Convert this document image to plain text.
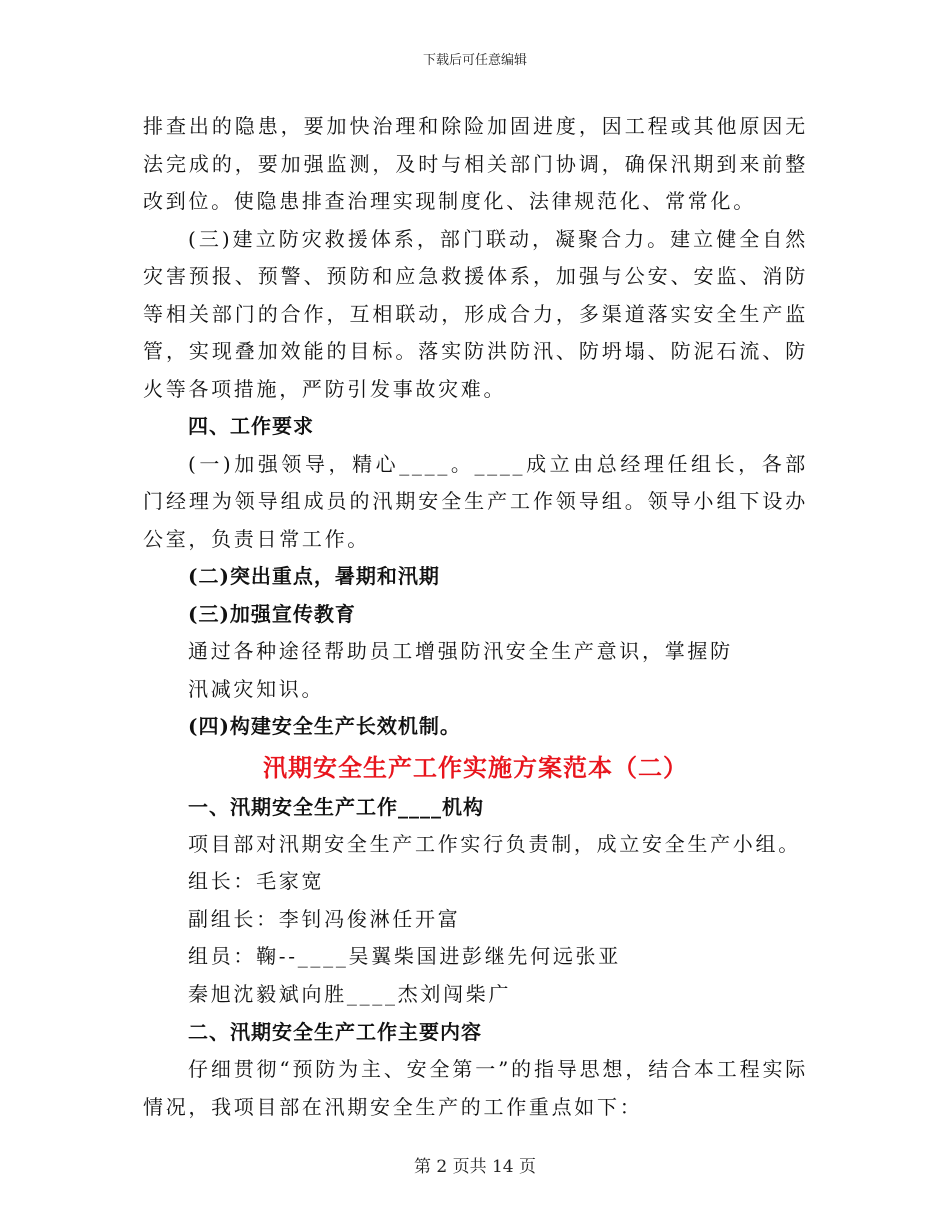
下载后可任意编辑

排查出的隐患，要加快治理和除险加固进度，因工程或其他原因无法完成的，要加强监测，及时与相关部门协调，确保汛期到来前整改到位。使隐患排查治理实现制度化、法律规范化、常常化。

(三)建立防灾救援体系，部门联动，凝聚合力。建立健全自然灾害预报、预警、预防和应急救援体系，加强与公安、安监、消防等相关部门的合作，互相联动，形成合力，多渠道落实安全生产监管，实现叠加效能的目标。落实防洪防汛、防坍塌、防泥石流、防火等各项措施，严防引发事故灾难。

四、工作要求

(一)加强领导，精心____。____成立由总经理任组长，各部门经理为领导组成员的汛期安全生产工作领导组。领导小组下设办公室，负责日常工作。

(二)突出重点，暑期和汛期

(三)加强宣传教育

通过各种途径帮助员工增强防汛安全生产意识，掌握防

汛减灾知识。

(四)构建安全生产长效机制。

汛期安全生产工作实施方案范本（二）

一、汛期安全生产工作____机构

项目部对汛期安全生产工作实行负责制，成立安全生产小组。

组长：毛家宽

副组长：李钊冯俊淋任开富

组员：鞠--____吴翼柴国进彭继先何远张亚

秦旭沈毅斌向胜____杰刘闯柴广

二、汛期安全生产工作主要内容

仔细贯彻“预防为主、安全第一”的指导思想，结合本工程实际情况，我项目部在汛期安全生产的工作重点如下：

第 2 页共 14 页
